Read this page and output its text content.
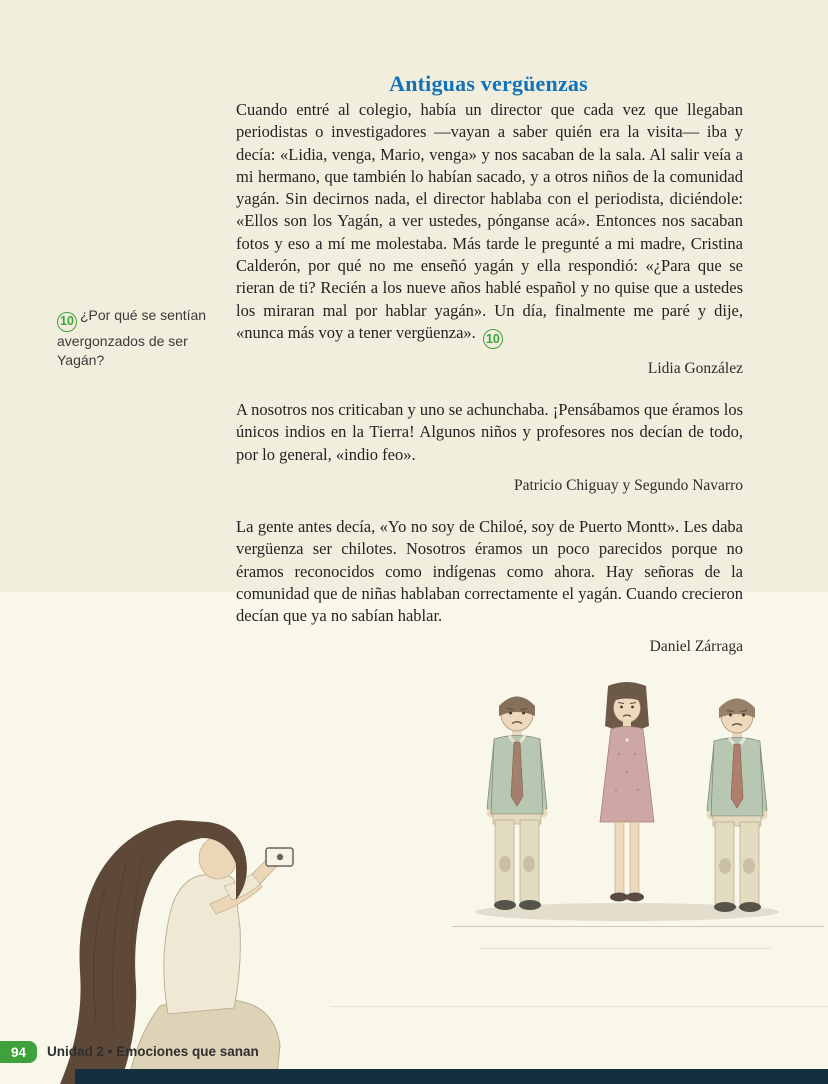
Antiguas vergüenzas
10 ¿Por qué se sentían avergonzados de ser Yagán?

Cuando entré al colegio, había un director que cada vez que llegaban periodistas o investigadores —vayan a saber quién era la visita— iba y decía: «Lidia, venga, Mario, venga» y nos sacaban de la sala. Al salir veía a mi hermano, que también lo habían sacado, y a otros niños de la comunidad yagán. Sin decirnos nada, el director hablaba con el periodista, diciéndole: «Ellos son los Yagán, a ver ustedes, pónganse acá». Entonces nos sacaban fotos y eso a mí me molestaba. Más tarde le pregunté a mi madre, Cristina Calderón, por qué no me enseñó yagán y ella respondió: «¿Para que se rieran de ti? Recién a los nueve años hablé español y no quise que a ustedes los miraran mal por hablar yagán». Un día, finalmente me paré y dije, «nunca más voy a tener vergüenza». 10

Lidia González

A nosotros nos criticaban y uno se achunchaba. ¡Pensábamos que éramos los únicos indios en la Tierra! Algunos niños y profesores nos decían de todo, por lo general, «indio feo».

Patricio Chiguay y Segundo Navarro

La gente antes decía, «Yo no soy de Chiloé, soy de Puerto Montt». Les daba vergüenza ser chilotes. Nosotros éramos un poco parecidos porque no éramos reconocidos como indígenas como ahora. Hay señoras de la comunidad que de niñas hablaban correctamente el yagán. Cuando crecieron decían que ya no sabían hablar.

Daniel Zárraga
94	Unidad 2 • Emociones que sanan
